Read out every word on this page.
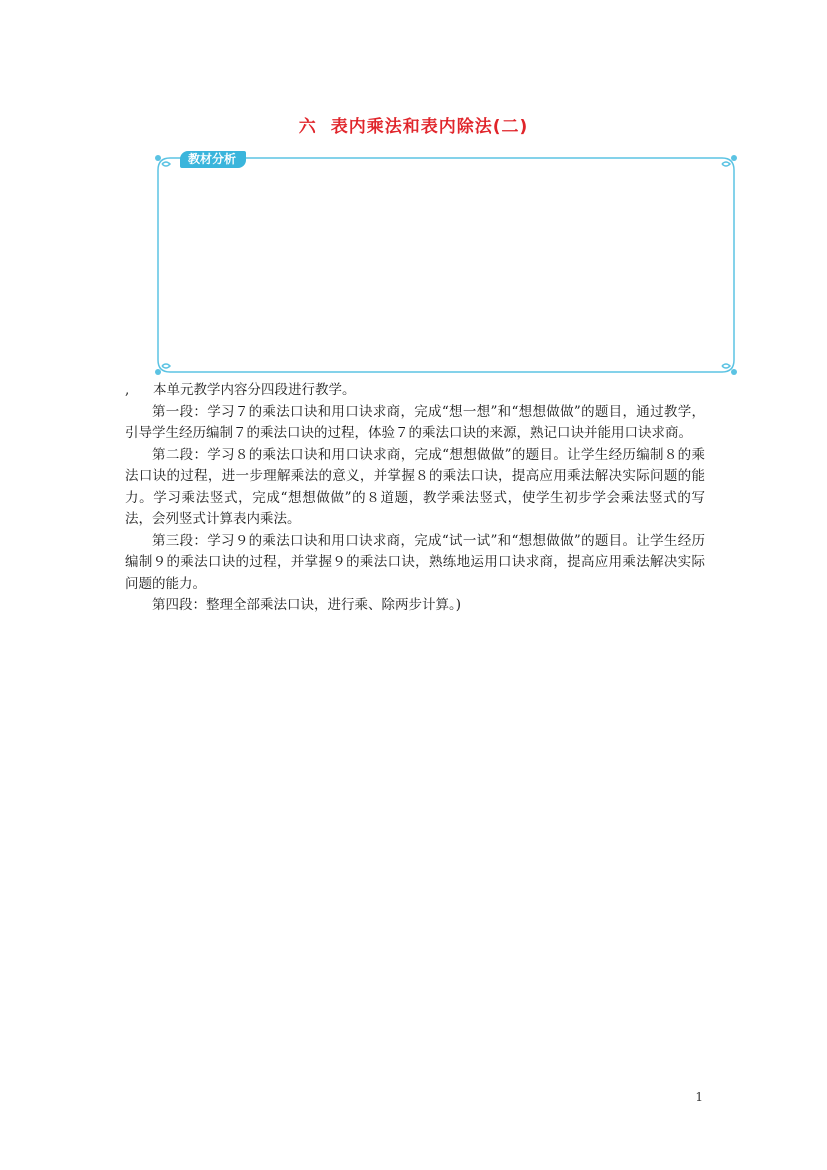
六 表内乘法和表内除法(二)
教材分析

, 本单元教学内容分四段进行教学。

第一段：学习７的乘法口诀和用口诀求商，完成“想一想”和“想想做做”的题目，通过教学，引导学生经历编制７的乘法口诀的过程，体验７的乘法口诀的来源，熟记口诀并能用口诀求商。

第二段：学习８的乘法口诀和用口诀求商，完成“想想做做”的题目。让学生经历编制８的乘法口诀的过程，进一步理解乘法的意义，并掌握８的乘法口诀，提高应用乘法解决实际问题的能力。学习乘法竖式，完成“想想做做”的８道题，教学乘法竖式，使学生初步学会乘法竖式的写法，会列竖式计算表内乘法。

第三段：学习９的乘法口诀和用口诀求商，完成“试一试”和“想想做做”的题目。让学生经历编制９的乘法口诀的过程，并掌握９的乘法口诀，熟练地运用口诀求商，提高应用乘法解决实际问题的能力。

第四段：整理全部乘法口诀，进行乘、除两步计算。)

1
